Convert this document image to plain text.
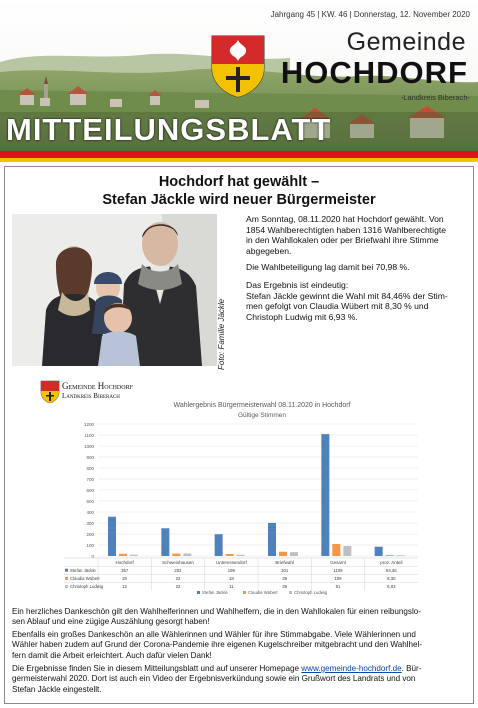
Jahrgang 45 | KW. 46 | Donnerstag, 12. November 2020
Gemeinde
HOCHDORF
-Landkreis Biberach-
MITTEILUNGSBLATT
Hochdorf hat gewählt –
Stefan Jäckle wird neuer Bürgermeister
Foto: Familie Jäckle

Am Sonntag, 08.11.2020 hat Hochdorf gewählt. Von

1854 Wahlberechtigten haben 1316 Wahlberechtigte

in den Wahllokalen oder per Briefwahl ihre Stimme

abgegeben.

Die Wahlbeteiligung lag damit bei 70,98 %.

Das Ergebnis ist eindeutig:

Stefan Jäckle gewinnt die Wahl mit 84,46% der Stim-

men gefolgt von Claudia Wübert mit 8,30 % und

Christoph Ludwig mit 6,93 %.

Gemeinde Hochdorf
Landkreis Biberach
Wahlergebnis Bürgermeisterwahl 08.11.2020 in Hochdorf
Gültige Stimmen
0
100
200
300
400
500
600
700
800
900
1000
1100
1200
Hochdorf	Schweinhausen	Unteressendorf	Briefwahl	Gesamt	proz. Anteil
Stefan Jäckle	357	252	198	301	1108	84,46
Claudia Wübert	20	22	18	39	109	8,30
Christoph Ludwig	12	22	11	35	91	6,93
Stefan Jäckle	Claudia Wübert	Christoph Ludwig

Ein herzliches Dankeschön gilt den Wahlhelferinnen und Wahlhelfern, die in den Wahllokalen für einen reibungslo-

sen Ablauf und eine zügige Auszählung gesorgt haben!

Ebenfalls ein großes Dankeschön an alle Wählerinnen und Wähler für ihre Stimmabgabe. Viele Wählerinnen und

Wähler haben zudem auf Grund der Corona-Pandemie ihre eigenen Kugelschreiber mitgebracht und den Wahlhel-

fern damit die Arbeit erleichtert. Auch dafür vielen Dank!

Die Ergebnisse finden Sie in diesem Mitteilungsblatt und auf unserer Homepage www.gemeinde-hochdorf.de. Bür-

germeisterwahl 2020. Dort ist auch ein Video der Ergebnisverkündung sowie ein Grußwort des Landrats und von

Stefan Jäckle eingestellt.
